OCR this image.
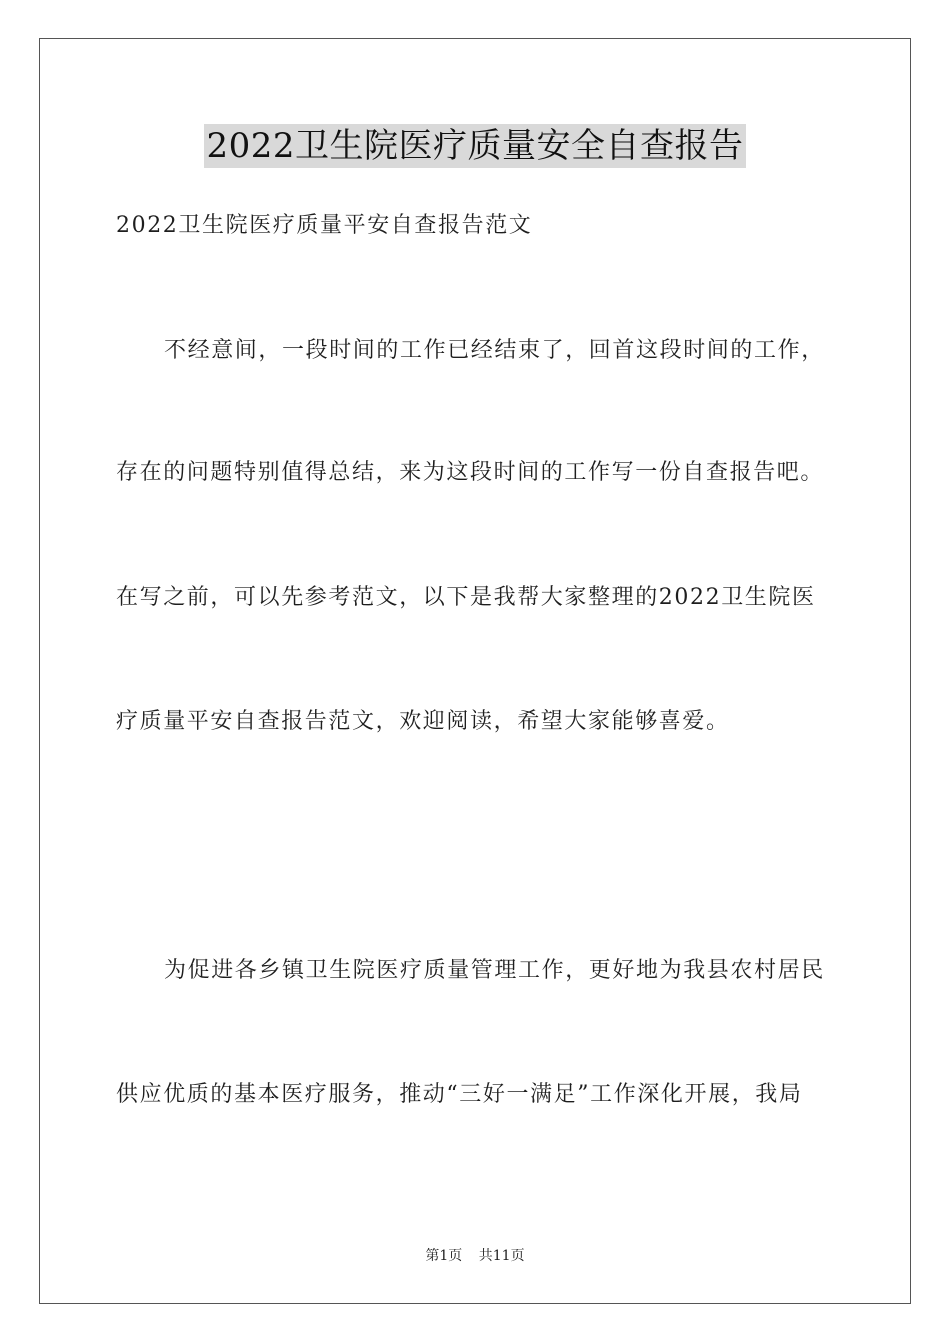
2022卫生院医疗质量安全自查报告
2022卫生院医疗质量平安自查报告范文
不经意间，一段时间的工作已经结束了，回首这段时间的工作，
存在的问题特别值得总结，来为这段时间的工作写一份自查报告吧。
在写之前，可以先参考范文，以下是我帮大家整理的2022卫生院医
疗质量平安自查报告范文，欢迎阅读，希望大家能够喜爱。
为促进各乡镇卫生院医疗质量管理工作，更好地为我县农村居民
供应优质的基本医疗服务，推动“三好一满足”工作深化开展，我局
第1页 共11页
